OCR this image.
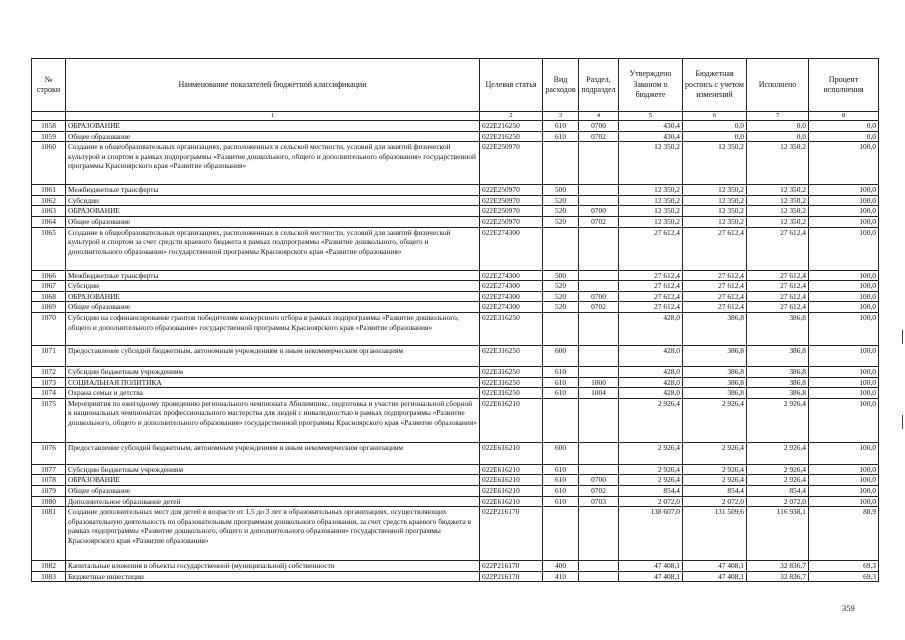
№ строки	Наименование показателей бюджетной классификации	Целевая статья	Вид расходов	Раздел, подраздел	Утверждено Законом о бюджете	Бюджетная роспись с учетом изменений	Исполнено	Процент исполнения
	1	2	3	4	5	6	7	8
1058	ОБРАЗОВАНИЕ	022E216250	610	0700	430,4	0,0	0,0	0,0
1059	Общее образование	022E216250	610	0702	430,4	0,0	0,0	0,0
1060	Создание в общеобразовательных организациях, расположенных в сельской местности, условий для занятий физической культурой и спортом в рамках подпрограммы «Развитие дошкольного, общего и дополнительного образования» государственной программы Красноярского края «Развитие образования»	022E250970			12 350,2	12 350,2	12 350,2	100,0
1061	Межбюджетные трансферты	022E250970	500		12 350,2	12 350,2	12 350,2	100,0
1062	Субсидии	022E250970	520		12 350,2	12 350,2	12 350,2	100,0
1063	ОБРАЗОВАНИЕ	022E250970	520	0700	12 350,2	12 350,2	12 350,2	100,0
1064	Общее образование	022E250970	520	0702	12 350,2	12 350,2	12 350,2	100,0
1065	Создание в общеобразовательных организациях, расположенных в сельской местности, условий для занятий физической культурой и спортом за счет средств краевого бюджета в рамках подпрограммы «Развитие дошкольного, общего и дополнительного образования» государственной программы Красноярского края «Развитие образования»	022E274300			27 612,4	27 612,4	27 612,4	100,0
1066	Межбюджетные трансферты	022E274300	500		27 612,4	27 612,4	27 612,4	100,0
1067	Субсидии	022E274300	520		27 612,4	27 612,4	27 612,4	100,0
1068	ОБРАЗОВАНИЕ	022E274300	520	0700	27 612,4	27 612,4	27 612,4	100,0
1069	Общее образование	022E274300	520	0702	27 612,4	27 612,4	27 612,4	100,0
1070	Субсидии на софинансирование грантов победителям конкурсного отбора в рамках подпрограммы «Развитие дошкольного, общего и дополнительного образования» государственной программы Красноярского края «Развитие образования»	022E316250			428,0	386,8	386,8	100,0
1071	Предоставление субсидий бюджетным, автономным учреждениям и иным некоммерческим организациям	022E316250	600		428,0	386,8	386,8	100,0
1072	Субсидии бюджетным учреждениям	022E316250	610		428,0	386,8	386,8	100,0
1073	СОЦИАЛЬНАЯ ПОЛИТИКА	022E316250	610	1000	428,0	386,8	386,8	100,0
1074	Охрана семьи и детства	022E316250	610	1004	428,0	386,8	386,8	100,0
1075	Мероприятия по ежегодному проведению регионального чемпионата Абилимпикс, подготовка и участие региональной сборной в национальных чемпионатах профессионального мастерства для людей с инвалидностью в рамках подпрограммы «Развитие дошкольного, общего и дополнительного образования» государственной программы Красноярского края «Развитие образования»	022E616210			2 926,4	2 926,4	2 926,4	100,0
1076	Предоставление субсидий бюджетным, автономным учреждениям и иным некоммерческим организациям	022E616210	600		2 926,4	2 926,4	2 926,4	100,0
1077	Субсидии бюджетным учреждениям	022E616210	610		2 926,4	2 926,4	2 926,4	100,0
1078	ОБРАЗОВАНИЕ	022E616210	610	0700	2 926,4	2 926,4	2 926,4	100,0
1079	Общее образование	022E616210	610	0702	854,4	854,4	854,4	100,0
1080	Дополнительное образование детей	022E616210	610	0703	2 072,0	2 072,0	2 072,0	100,0
1081	Создание дополнительных мест для детей в возрасте от 1,5 до 3 лет в образовательных организациях, осуществляющих образовательную деятельность по образовательным программам дошкольного образования, за счет средств краевого бюджета в рамках подпрограммы «Развитие дошкольного, общего и дополнительного образования» государственной программы Красноярского края «Развитие образования»	022P216170			138 607,0	131 509,6	116 938,1	88,9
1082	Капитальные вложения в объекты государственной (муниципальной) собственности	022P216170	400		47 408,1	47 408,1	32 836,7	69,3
1083	Бюджетные инвестиции	022P216170	410		47 408,1	47 408,1	32 836,7	69,3
359
